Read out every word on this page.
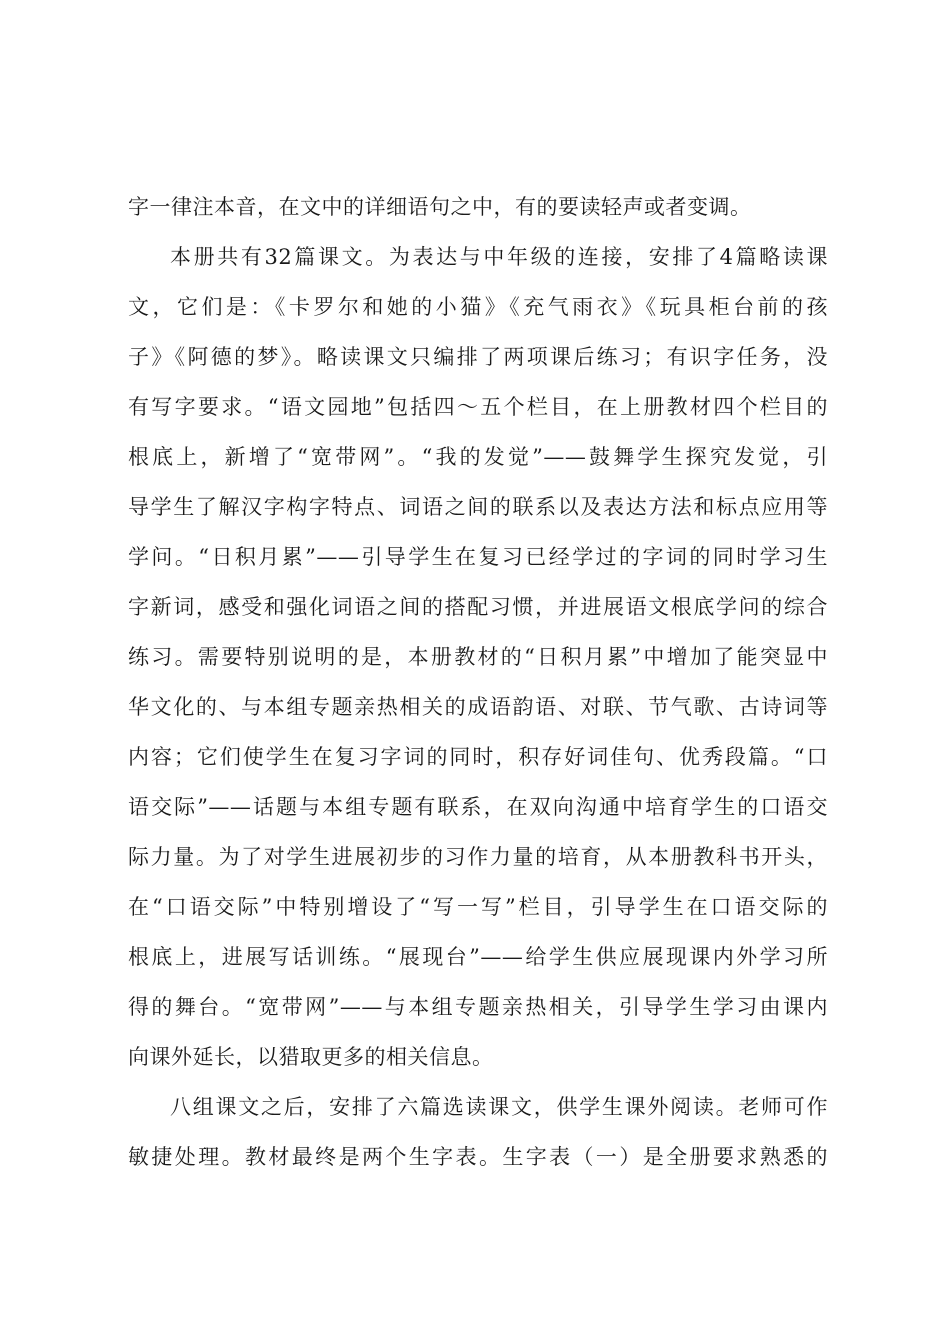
字一律注本音，在文中的详细语句之中，有的要读轻声或者变调。
本册共有32篇课文。为表达与中年级的连接，安排了4篇略读课
文，它们是：《卡罗尔和她的小猫》《充气雨衣》《玩具柜台前的孩
子》《阿德的梦》。略读课文只编排了两项课后练习；有识字任务，没
有写字要求。“语文园地”包括四～五个栏目，在上册教材四个栏目的
根底上，新增了“宽带网”。“我的发觉”——鼓舞学生探究发觉，引
导学生了解汉字构字特点、词语之间的联系以及表达方法和标点应用等
学问。“日积月累”——引导学生在复习已经学过的字词的同时学习生
字新词，感受和强化词语之间的搭配习惯，并进展语文根底学问的综合
练习。需要特别说明的是，本册教材的“日积月累”中增加了能突显中
华文化的、与本组专题亲热相关的成语韵语、对联、节气歌、古诗词等
内容；它们使学生在复习字词的同时，积存好词佳句、优秀段篇。“口
语交际”——话题与本组专题有联系，在双向沟通中培育学生的口语交
际力量。为了对学生进展初步的习作力量的培育，从本册教科书开头，
在“口语交际”中特别增设了“写一写”栏目，引导学生在口语交际的
根底上，进展写话训练。“展现台”——给学生供应展现课内外学习所
得的舞台。“宽带网”——与本组专题亲热相关，引导学生学习由课内
向课外延长，以猎取更多的相关信息。
八组课文之后，安排了六篇选读课文，供学生课外阅读。老师可作
敏捷处理。教材最终是两个生字表。生字表（一）是全册要求熟悉的
